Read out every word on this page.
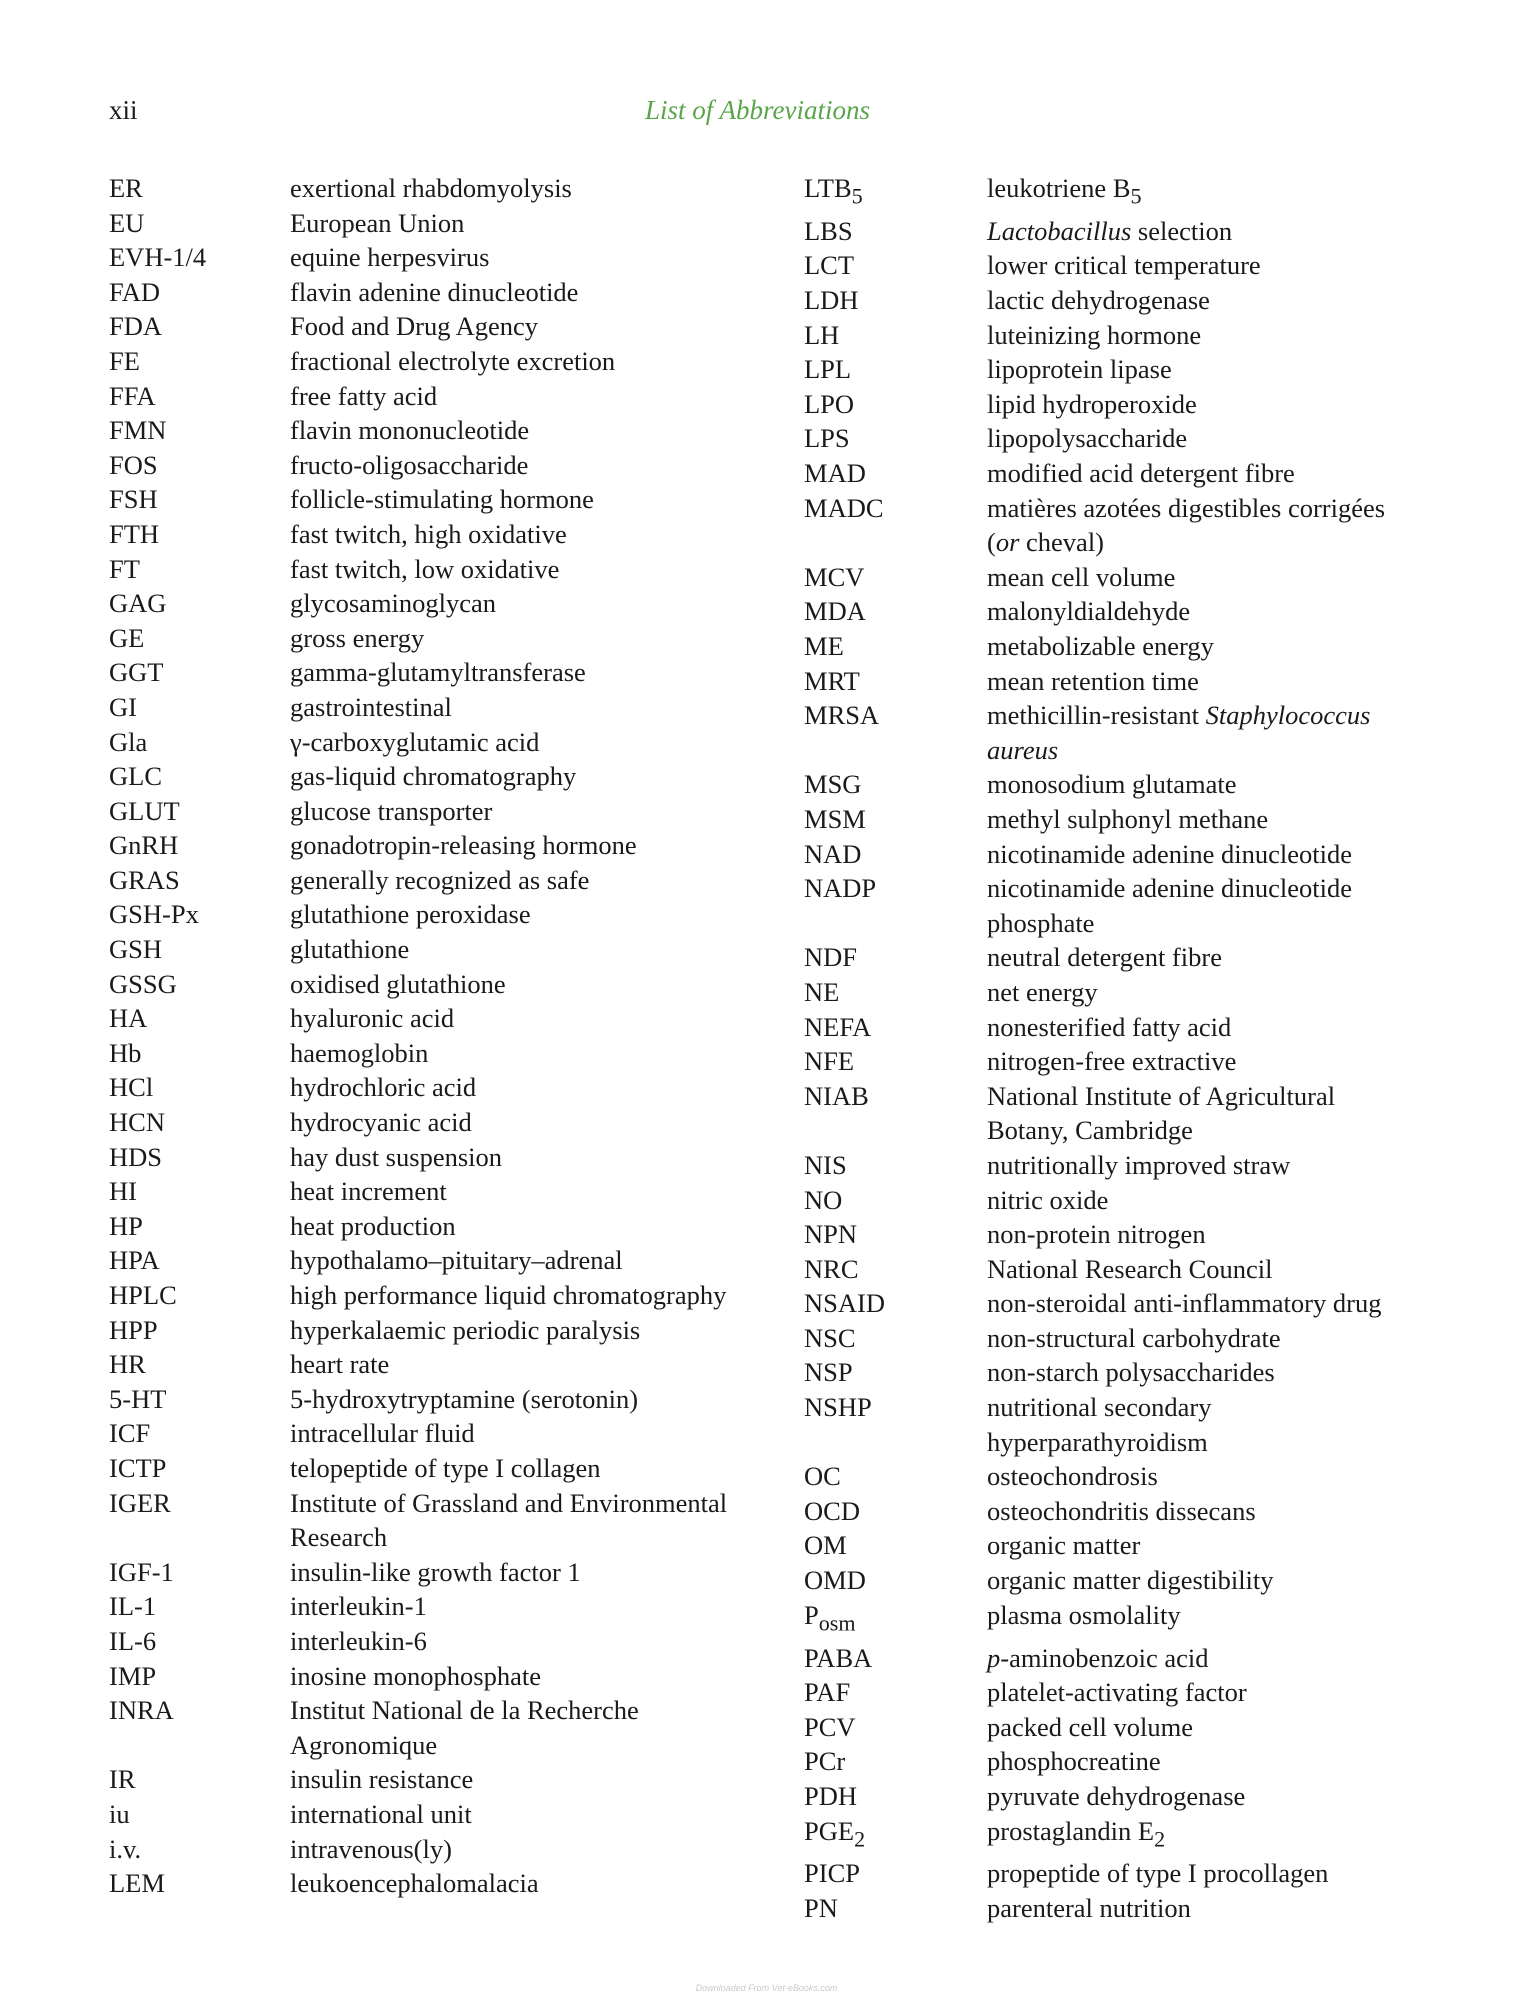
xii	List of Abbreviations
ER	exertional rhabdomyolysis
EU	European Union
EVH-1/4	equine herpesvirus
FAD	flavin adenine dinucleotide
FDA	Food and Drug Agency
FE	fractional electrolyte excretion
FFA	free fatty acid
FMN	flavin mononucleotide
FOS	fructo-oligosaccharide
FSH	follicle-stimulating hormone
FTH	fast twitch, high oxidative
FT	fast twitch, low oxidative
GAG	glycosaminoglycan
GE	gross energy
GGT	gamma-glutamyltransferase
GI	gastrointestinal
Gla	γ-carboxyglutamic acid
GLC	gas-liquid chromatography
GLUT	glucose transporter
GnRH	gonadotropin-releasing hormone
GRAS	generally recognized as safe
GSH-Px	glutathione peroxidase
GSH	glutathione
GSSG	oxidised glutathione
HA	hyaluronic acid
Hb	haemoglobin
HCl	hydrochloric acid
HCN	hydrocyanic acid
HDS	hay dust suspension
HI	heat increment
HP	heat production
HPA	hypothalamo–pituitary–adrenal
HPLC	high performance liquid chromatography
HPP	hyperkalaemic periodic paralysis
HR	heart rate
5-HT	5-hydroxytryptamine (serotonin)
ICF	intracellular fluid
ICTP	telopeptide of type I collagen
IGER	Institute of Grassland and Environmental
Research
IGF-1	insulin-like growth factor 1
IL-1	interleukin-1
IL-6	interleukin-6
IMP	inosine monophosphate
INRA	Institut National de la Recherche
Agronomique
IR	insulin resistance
iu	international unit
i.v.	intravenous(ly)
LEM	leukoencephalomalacia
$LTB_5$	leukotriene $B_5$
LBS	Lactobacillus selection
LCT	lower critical temperature
LDH	lactic dehydrogenase
LH	luteinizing hormone
LPL	lipoprotein lipase
LPO	lipid hydroperoxide
LPS	lipopolysaccharide
MAD	modified acid detergent fibre
MADC	matières azotées digestibles corrigées
(or cheval)
MCV	mean cell volume
MDA	malonyldialdehyde
ME	metabolizable energy
MRT	mean retention time
MRSA	methicillin-resistant Staphylococcus
aureus
MSG	monosodium glutamate
MSM	methyl sulphonyl methane
NAD	nicotinamide adenine dinucleotide
NADP	nicotinamide adenine dinucleotide
phosphate
NDF	neutral detergent fibre
NE	net energy
NEFA	nonesterified fatty acid
NFE	nitrogen-free extractive
NIAB	National Institute of Agricultural
Botany, Cambridge
NIS	nutritionally improved straw
NO	nitric oxide
NPN	non-protein nitrogen
NRC	National Research Council
NSAID	non-steroidal anti-inflammatory drug
NSC	non-structural carbohydrate
NSP	non-starch polysaccharides
NSHP	nutritional secondary
hyperparathyroidism
OC	osteochondrosis
OCD	osteochondritis dissecans
OM	organic matter
OMD	organic matter digestibility
$P_{osm}$	plasma osmolality
PABA	p-aminobenzoic acid
PAF	platelet-activating factor
PCV	packed cell volume
PCr	phosphocreatine
PDH	pyruvate dehydrogenase
$PGE_2$	prostaglandin $E_2$
PICP	propeptide of type I procollagen
PN	parenteral nutrition
Downloaded From Vet-eBooks.com
